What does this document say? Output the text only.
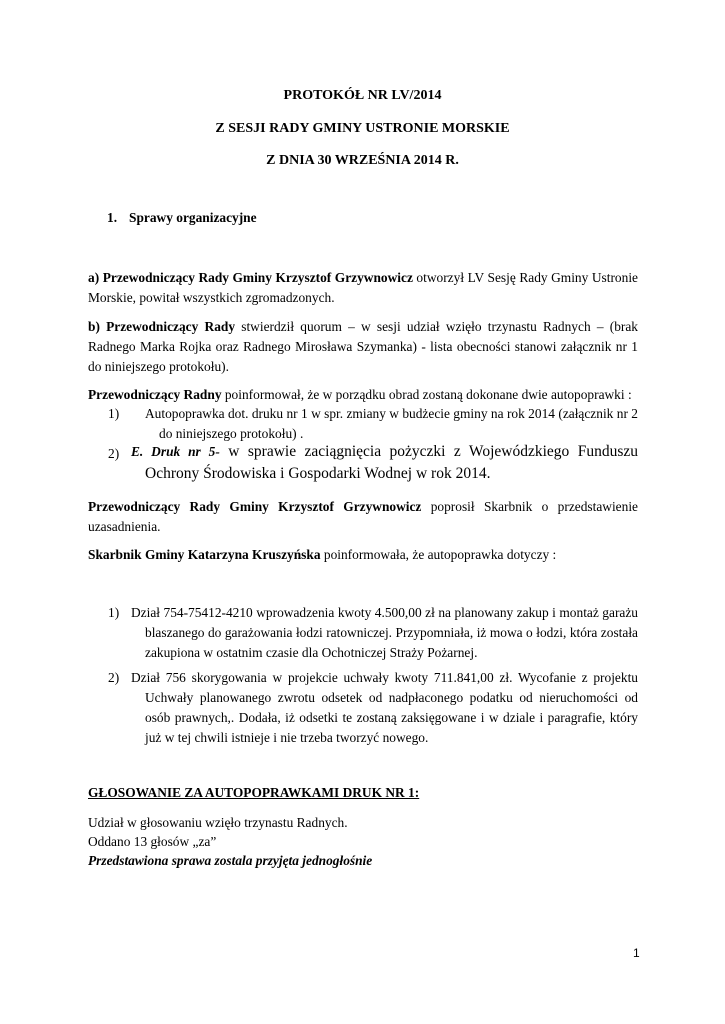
PROTOKÓŁ NR LV/2014
Z SESJI RADY GMINY USTRONIE MORSKIE
Z DNIA 30 WRZEŚNIA 2014 R.
1. Sprawy organizacyjne
a) Przewodniczący Rady Gminy Krzysztof Grzywnowicz otworzył LV Sesję Rady Gminy Ustronie Morskie, powitał wszystkich zgromadzonych.
b) Przewodniczący Rady stwierdził quorum – w sesji udział wzięło trzynastu Radnych – (brak Radnego Marka Rojka oraz Radnego Mirosława Szymanka) - lista obecności stanowi załącznik nr 1 do niniejszego protokołu).
Przewodniczący Radny poinformował, że w porządku obrad zostaną dokonane dwie autopoprawki :
1) Autopoprawka dot. druku nr 1 w spr. zmiany w budżecie gminy na rok 2014 (załącznik nr 2 do niniejszego protokołu) .
2) E. Druk nr 5- w sprawie zaciągnięcia pożyczki z Wojewódzkiego Funduszu Ochrony Środowiska i Gospodarki Wodnej w rok 2014.
Przewodniczący Rady Gminy Krzysztof Grzywnowicz poprosił Skarbnik o przedstawienie uzasadnienia.
Skarbnik Gminy Katarzyna Kruszyńska poinformowała, że autopoprawka dotyczy :
1) Dział 754-75412-4210 wprowadzenia kwoty 4.500,00 zł na planowany zakup i montaż garażu blaszanego do garażowania łodzi ratowniczej. Przypomniała, iż mowa o łodzi, która została zakupiona w ostatnim czasie dla Ochotniczej Straży Pożarnej.
2) Dział 756 skorygowania w projekcie uchwały kwoty 711.841,00 zł. Wycofanie z projektu Uchwały planowanego zwrotu odsetek od nadpłaconego podatku od nieruchomości od osób prawnych,. Dodała, iż odsetki te zostaną zaksięgowane i w dziale i paragrafie, który już w tej chwili istnieje i nie trzeba tworzyć nowego.
GŁOSOWANIE ZA AUTOPOPRAWKAMI DRUK NR 1:
Udział w głosowaniu wzięło trzynastu Radnych.
Oddano 13 głosów „za”
Przedstawiona sprawa zostala przyjęta jednogłośnie
1
